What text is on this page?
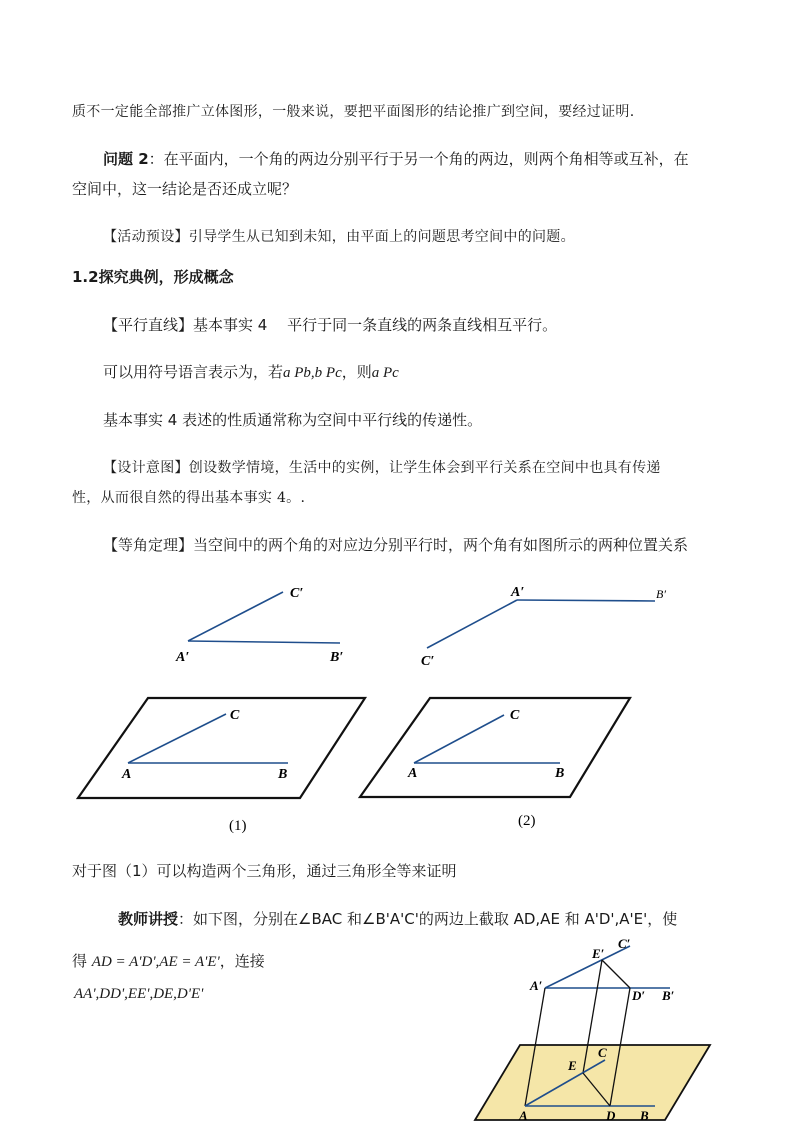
质不一定能全部推广立体图形，一般来说，要把平面图形的结论推广到空间，要经过证明.
问题 2：在平面内，一个角的两边分别平行于另一个角的两边，则两个角相等或互补，在
空间中，这一结论是否还成立呢？
【活动预设】引导学生从已知到未知，由平面上的问题思考空间中的问题。
1.2探究典例，形成概念
【平行直线】基本事实 4　 平行于同一条直线的两条直线相互平行。
可以用符号语言表示为，若a Pb,b Pc，则a Pc
基本事实 4 表述的性质通常称为空间中平行线的传递性。
【设计意图】创设数学情境，生活中的实例，让学生体会到平行关系在空间中也具有传递
性，从而很自然的得出基本事实 4。.
【等角定理】当空间中的两个角的对应边分别平行时，两个角有如图所示的两种位置关系
C′
A′	B′
C
A	B
(1)
A′	B′
C′
C
A	B
(2)
对于图（1）可以构造两个三角形，通过三角形全等来证明
教师讲授：如下图，分别在∠BAC 和∠B'A'C'的两边上截取 AD,AE 和 A'D',A'E'，使
得 AD = A'D',AE = A'E'，连接
AA',DD',EE',DE,D'E'
A′
E′
C′
D′ B′
E
C
A	D B
